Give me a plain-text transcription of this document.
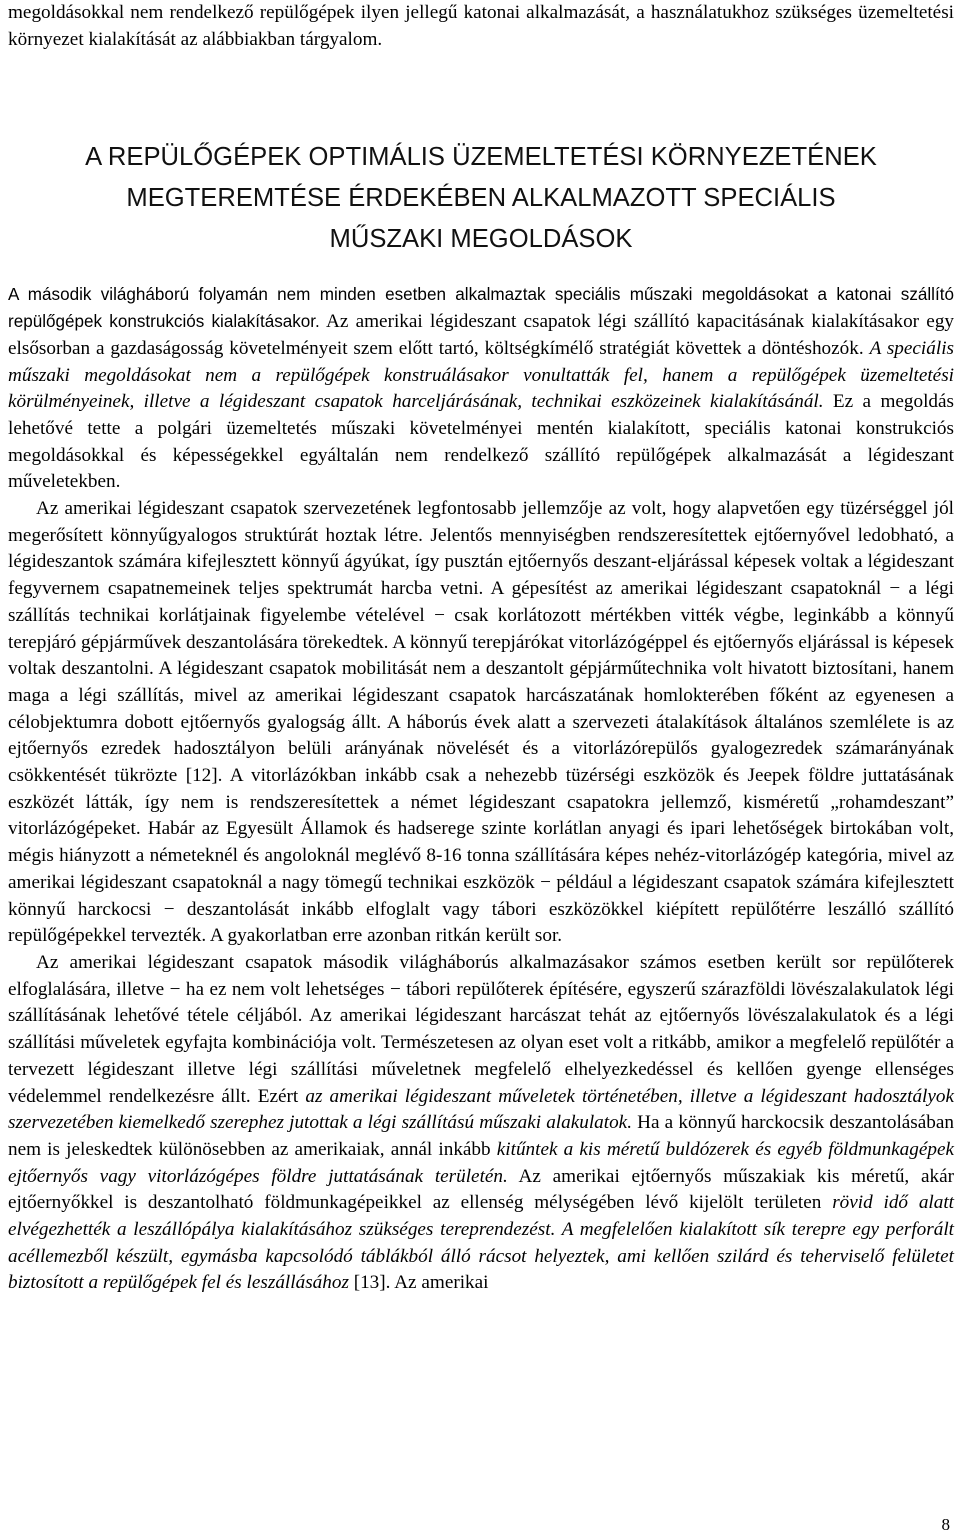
megoldásokkal nem rendelkező repülőgépek ilyen jellegű katonai alkalmazását, a használatukhoz szükséges üzemeltetési környezet kialakítását az alábbiakban tárgyalom.

A REPÜLŐGÉPEK OPTIMÁLIS ÜZEMELTETÉSI KÖRNYEZETÉNEK
MEGTEREMTÉSE ÉRDEKÉBEN ALKALMAZOTT SPECIÁLIS
MŰSZAKI MEGOLDÁSOK

A második világháború folyamán nem minden esetben alkalmaztak speciális műszaki megoldásokat a katonai szállító repülőgépek konstrukciós kialakításakor. Az amerikai légideszant csapatok légi szállító kapacitásának kialakításakor egy elsősorban a gazdaságosság követelményeit szem előtt tartó, költségkímélő stratégiát követtek a döntéshozók. A speciális műszaki megoldásokat nem a repülőgépek konstruálásakor vonultatták fel, hanem a repülőgépek üzemeltetési körülményeinek, illetve a légideszant csapatok harceljárásának, technikai eszközeinek kialakításánál. Ez a megoldás lehetővé tette a polgári üzemeltetés műszaki követelményei mentén kialakított, speciális katonai konstrukciós megoldásokkal és képességekkel egyáltalán nem rendelkező szállító repülőgépek alkalmazását a légideszant műveletekben.

Az amerikai légideszant csapatok szervezetének legfontosabb jellemzője az volt, hogy alapvetően egy tüzérséggel jól megerősített könnyűgyalogos struktúrát hoztak létre. Jelentős mennyiségben rendszeresítettek ejtőernyővel ledobható, a légideszantok számára kifejlesztett könnyű ágyúkat, így pusztán ejtőernyős deszant-eljárással képesek voltak a légideszant fegyvernem csapatnemeinek teljes spektrumát harcba vetni. A gépesítést az amerikai légideszant csapatoknál − a légi szállítás technikai korlátjainak figyelembe vételével − csak korlátozott mértékben vitték végbe, leginkább a könnyű terepjáró gépjárművek deszantolására törekedtek. A könnyű terepjárókat vitorlázógéppel és ejtőernyős eljárással is képesek voltak deszantolni. A légideszant csapatok mobilitását nem a deszantolt gépjárműtechnika volt hivatott biztosítani, hanem maga a légi szállítás, mivel az amerikai légideszant csapatok harcászatának homlokterében főként az egyenesen a célobjektumra dobott ejtőernyős gyalogság állt. A háborús évek alatt a szervezeti átalakítások általános szemlélete is az ejtőernyős ezredek hadosztályon belüli arányának növelését és a vitorlázórepülős gyalogezredek számarányának csökkentését tükrözte [12]. A vitorlázókban inkább csak a nehezebb tüzérségi eszközök és Jeepek földre juttatásának eszközét látták, így nem is rendszeresítettek a német légideszant csapatokra jellemző, kisméretű „rohamdeszant” vitorlázógépeket. Habár az Egyesült Államok és hadserege szinte korlátlan anyagi és ipari lehetőségek birtokában volt, mégis hiányzott a németeknél és angoloknál meglévő 8-16 tonna szállítására képes nehéz-vitorlázógép kategória, mivel az amerikai légideszant csapatoknál a nagy tömegű technikai eszközök − például a légideszant csapatok számára kifejlesztett könnyű harckocsi − deszantolását inkább elfoglalt vagy tábori eszközökkel kiépített repülőtérre leszálló szállító repülőgépekkel tervezték. A gyakorlatban erre azonban ritkán került sor.

Az amerikai légideszant csapatok második világháborús alkalmazásakor számos esetben került sor repülőterek elfoglalására, illetve − ha ez nem volt lehetséges − tábori repülőterek építésére, egyszerű szárazföldi lövészalakulatok légi szállításának lehetővé tétele céljából. Az amerikai légideszant harcászat tehát az ejtőernyős lövészalakulatok és a légi szállítási műveletek egyfajta kombinációja volt. Természetesen az olyan eset volt a ritkább, amikor a megfelelő repülőtér a tervezett légideszant illetve légi szállítási műveletnek megfelelő elhelyezkedéssel és kellően gyenge ellenséges védelemmel rendelkezésre állt. Ezért az amerikai légideszant műveletek történetében, illetve a légideszant hadosztályok szervezetében kiemelkedő szerephez jutottak a légi szállítású műszaki alakulatok. Ha a könnyű harckocsik deszantolásában nem is jeleskedtek különösebben az amerikaiak, annál inkább kitűntek a kis méretű buldózerek és egyéb földmunkagépek ejtőernyős vagy vitorlázógépes földre juttatásának területén. Az amerikai ejtőernyős műszakiak kis méretű, akár ejtőernyőkkel is deszantolható földmunkagépeikkel az ellenség mélységében lévő kijelölt területen rövid idő alatt elvégezhették a leszállópálya kialakításához szükséges tereprendezést. A megfelelően kialakított sík terepre egy perforált acéllemezből készült, egymásba kapcsolódó táblákból álló rácsot helyeztek, ami kellően szilárd és teherviselő felületet biztosított a repülőgépek fel és leszállásához [13]. Az amerikai

8
